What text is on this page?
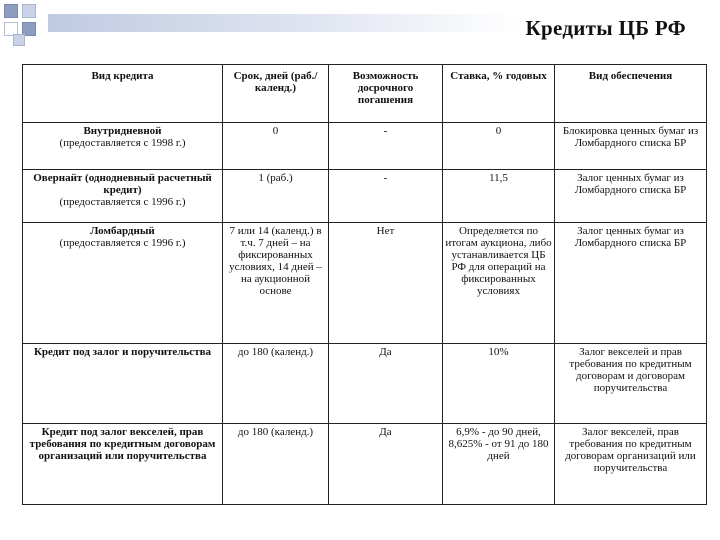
Кредиты ЦБ РФ
Вид кредита	Срок, дней (раб./календ.)	Возможность досрочного погашения	Ставка, % годовых	Вид обеспечения

Внутридневной
(предоставляется с 1998 г.)	0	-	0	Блокировка ценных бумаг из Ломбардного списка БР

Овернайт (однодневный расчетный кредит)
(предоставляется с 1996 г.)	1 (раб.)	-	11,5	Залог ценных бумаг из Ломбардного списка БР

Ломбардный
(предоставляется с 1996 г.)	7 или 14 (календ.) в т.ч. 7 дней – на фиксированных условиях, 14 дней – на аукционной основе	Нет	Определяется по итогам аукциона, либо устанавливается ЦБ РФ для операций на фиксированных условиях	Залог ценных бумаг из Ломбардного списка БР

Кредит под залог и поручительства	до 180 (календ.)	Да	10%	Залог векселей и прав требования по кредитным договорам и договорам поручительства

Кредит под залог векселей, прав требования по кредитным договорам организаций или поручительства	до 180 (календ.)	Да	6,9% - до 90 дней, 8,625% - от 91 до 180 дней	Залог векселей, прав требования по кредитным договорам организаций или поручительства
